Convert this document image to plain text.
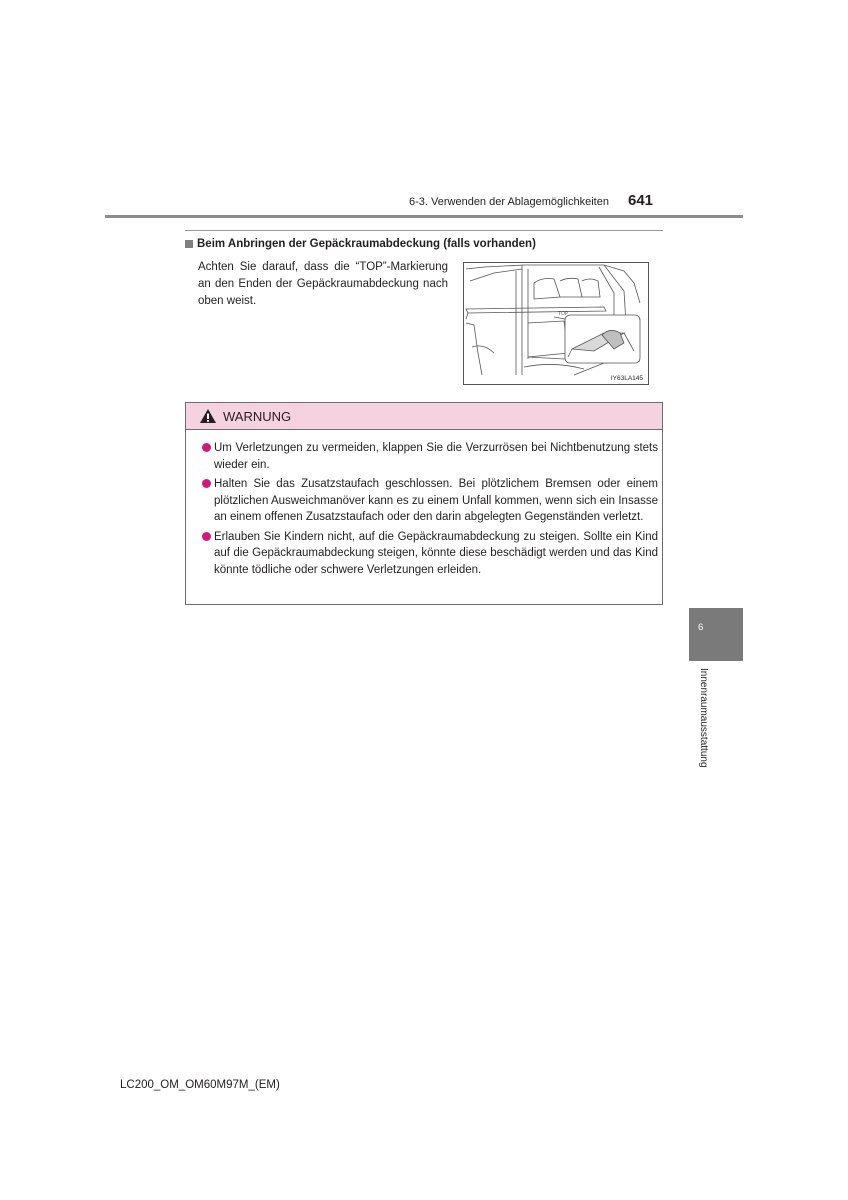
6-3. Verwenden der Ablagemöglichkeiten 641
Beim Anbringen der Gepäckraumabdeckung (falls vorhanden)
Achten Sie darauf, dass die “TOP”-Markierung an den Enden der Gepäckraumabdeckung nach oben weist.
TOP
IY63LA145
WARNUNG
Um Verletzungen zu vermeiden, klappen Sie die Verzurrösen bei Nichtbenutzung stets wieder ein.
Halten Sie das Zusatzstaufach geschlossen. Bei plötzlichem Bremsen oder einem plötzlichen Ausweichmanöver kann es zu einem Unfall kommen, wenn sich ein Insasse an einem offenen Zusatzstaufach oder den darin abgelegten Gegenständen verletzt.
Erlauben Sie Kindern nicht, auf die Gepäckraumabdeckung zu steigen. Sollte ein Kind auf die Gepäckraumabdeckung steigen, könnte diese beschädigt werden und das Kind könnte tödliche oder schwere Verletzungen erleiden.
6
Innenraumausstattung
LC200_OM_OM60M97M_(EM)
